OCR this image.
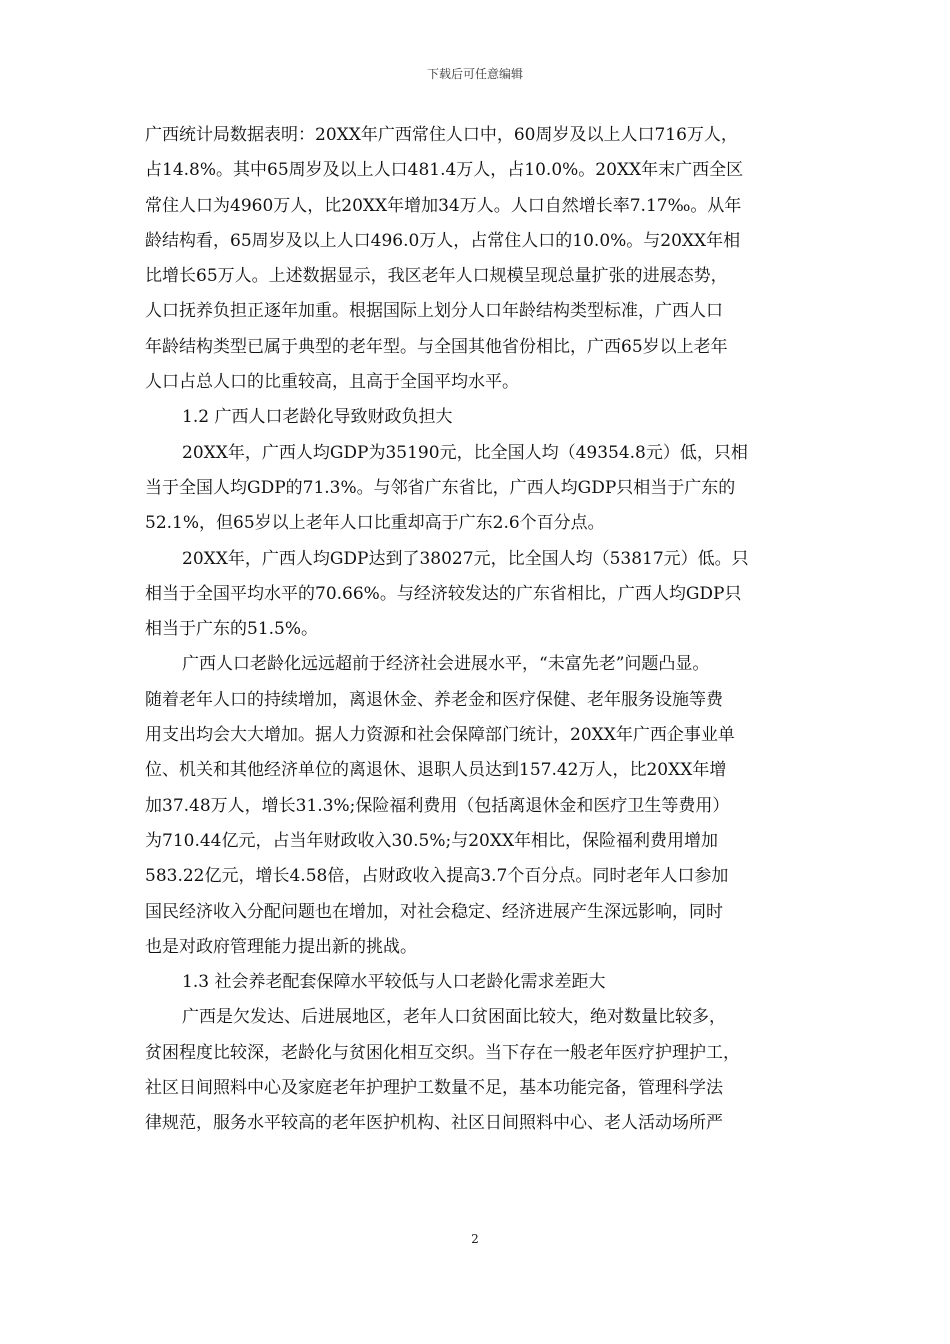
下载后可任意编辑
广西统计局数据表明：20XX年广西常住人口中，60周岁及以上人口716万人，
占14.8%。其中65周岁及以上人口481.4万人，占10.0%。20XX年末广西全区
常住人口为4960万人，比20XX年增加34万人。人口自然增长率7.17‰。从年
龄结构看，65周岁及以上人口496.0万人，占常住人口的10.0%。与20XX年相
比增长65万人。上述数据显示，我区老年人口规模呈现总量扩张的进展态势，
人口抚养负担正逐年加重。根据国际上划分人口年龄结构类型标准，广西人口
年龄结构类型已属于典型的老年型。与全国其他省份相比，广西65岁以上老年
人口占总人口的比重较高，且高于全国平均水平。
1.2 广西人口老龄化导致财政负担大
20XX年，广西人均GDP为35190元，比全国人均（49354.8元）低，只相
当于全国人均GDP的71.3%。与邻省广东省比，广西人均GDP只相当于广东的
52.1%，但65岁以上老年人口比重却高于广东2.6个百分点。
20XX年，广西人均GDP达到了38027元，比全国人均（53817元）低。只
相当于全国平均水平的70.66%。与经济较发达的广东省相比，广西人均GDP只
相当于广东的51.5%。
广西人口老龄化远远超前于经济社会进展水平，“未富先老”问题凸显。
随着老年人口的持续增加，离退休金、养老金和医疗保健、老年服务设施等费
用支出均会大大增加。据人力资源和社会保障部门统计，20XX年广西企事业单
位、机关和其他经济单位的离退休、退职人员达到157.42万人，比20XX年增
加37.48万人，增长31.3%;保险福利费用（包括离退休金和医疗卫生等费用）
为710.44亿元，占当年财政收入30.5%;与20XX年相比，保险福利费用增加
583.22亿元，增长4.58倍，占财政收入提高3.7个百分点。同时老年人口参加
国民经济收入分配问题也在增加，对社会稳定、经济进展产生深远影响，同时
也是对政府管理能力提出新的挑战。
1.3 社会养老配套保障水平较低与人口老龄化需求差距大
广西是欠发达、后进展地区，老年人口贫困面比较大，绝对数量比较多，
贫困程度比较深，老龄化与贫困化相互交织。当下存在一般老年医疗护理护工，
社区日间照料中心及家庭老年护理护工数量不足，基本功能完备，管理科学法
律规范，服务水平较高的老年医护机构、社区日间照料中心、老人活动场所严
2
